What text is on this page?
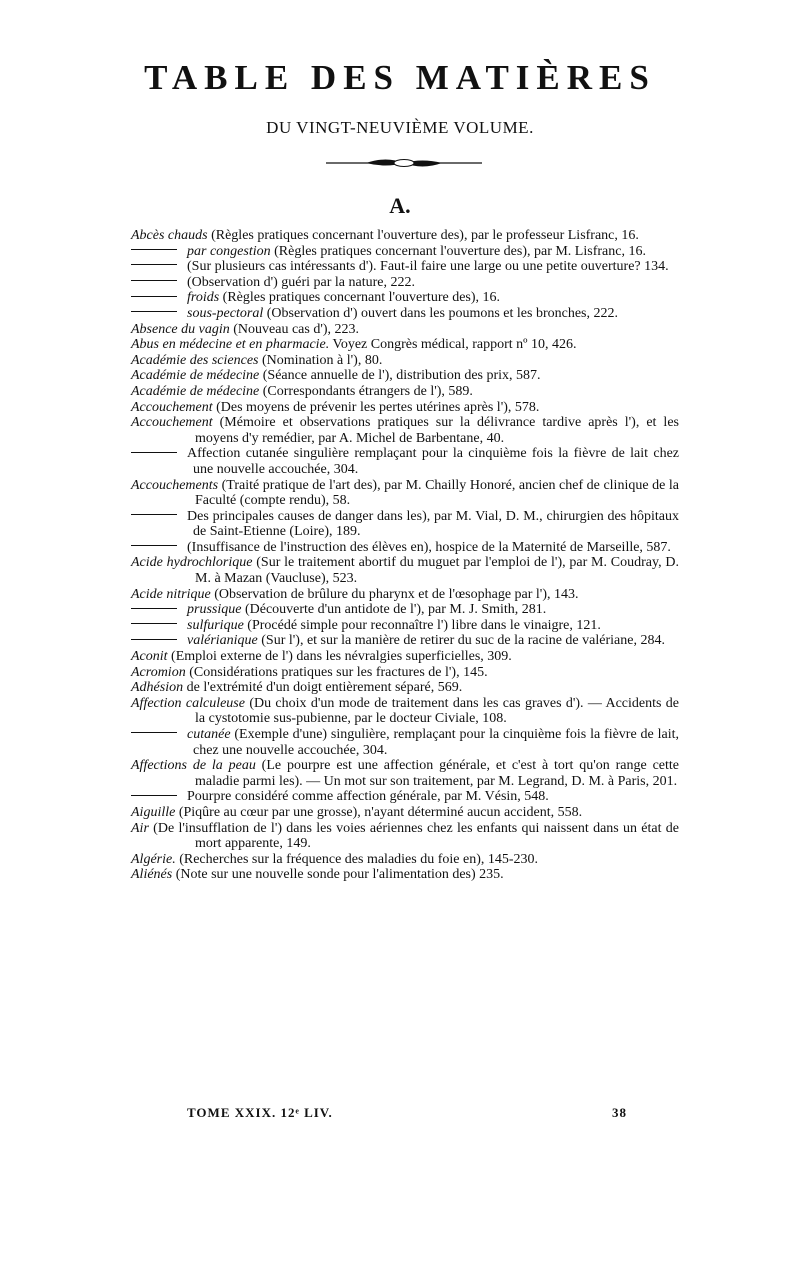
TABLE DES MATIÈRES
DU VINGT-NEUVIÈME VOLUME.
A.

Abcès chauds (Règles pratiques concernant l'ouverture des), par le professeur Lisfranc, 16.

par congestion (Règles pratiques concernant l'ouverture des), par M. Lisfranc, 16.

(Sur plusieurs cas intéressants d'). Faut-il faire une large ou une petite ouverture? 134.

(Observation d') guéri par la nature, 222.

froids (Règles pratiques concernant l'ouverture des), 16.

sous-pectoral (Observation d') ouvert dans les poumons et les bronches, 222.

Absence du vagin (Nouveau cas d'), 223.

Abus en médecine et en pharmacie. Voyez Congrès médical, rapport nº 10, 426.

Académie des sciences (Nomination à l'), 80.

Académie de médecine (Séance annuelle de l'), distribution des prix, 587.

Académie de médecine (Correspondants étrangers de l'), 589.

Accouchement (Des moyens de prévenir les pertes utérines après l'), 578.

Accouchement (Mémoire et observations pratiques sur la délivrance tardive après l'), et les moyens d'y remédier, par A. Michel de Barbentane, 40.

Affection cutanée singulière remplaçant pour la cinquième fois la fièvre de lait chez une nouvelle accouchée, 304.

Accouchements (Traité pratique de l'art des), par M. Chailly Honoré, ancien chef de clinique de la Faculté (compte rendu), 58.

Des principales causes de danger dans les), par M. Vial, D. M., chirurgien des hôpitaux de Saint-Etienne (Loire), 189.

(Insuffisance de l'instruction des élèves en), hospice de la Maternité de Marseille, 587.

Acide hydrochlorique (Sur le traitement abortif du muguet par l'emploi de l'), par M. Coudray, D. M. à Mazan (Vaucluse), 523.

Acide nitrique (Observation de brûlure du pharynx et de l'œsophage par l'), 143.

prussique (Découverte d'un antidote de l'), par M. J. Smith, 281.

sulfurique (Procédé simple pour reconnaître l') libre dans le vinaigre, 121.

valérianique (Sur l'), et sur la manière de retirer du suc de la racine de valériane, 284.

Aconit (Emploi externe de l') dans les névralgies superficielles, 309.

Acromion (Considérations pratiques sur les fractures de l'), 145.

Adhésion de l'extrémité d'un doigt entièrement séparé, 569.

Affection calculeuse (Du choix d'un mode de traitement dans les cas graves d'). — Accidents de la cystotomie sus-pubienne, par le docteur Civiale, 108.

cutanée (Exemple d'une) singulière, remplaçant pour la cinquième fois la fièvre de lait, chez une nouvelle accouchée, 304.

Affections de la peau (Le pourpre est une affection générale, et c'est à tort qu'on range cette maladie parmi les). — Un mot sur son traitement, par M. Legrand, D. M. à Paris, 201.

Pourpre considéré comme affection générale, par M. Vésin, 548.

Aiguille (Piqûre au cœur par une grosse), n'ayant déterminé aucun accident, 558.

Air (De l'insufflation de l') dans les voies aériennes chez les enfants qui naissent dans un état de mort apparente, 149.

Algérie. (Recherches sur la fréquence des maladies du foie en), 145-230.

Aliénés (Note sur une nouvelle sonde pour l'alimentation des) 235.

TOME XXIX. 12ᵉ LIV.	38
